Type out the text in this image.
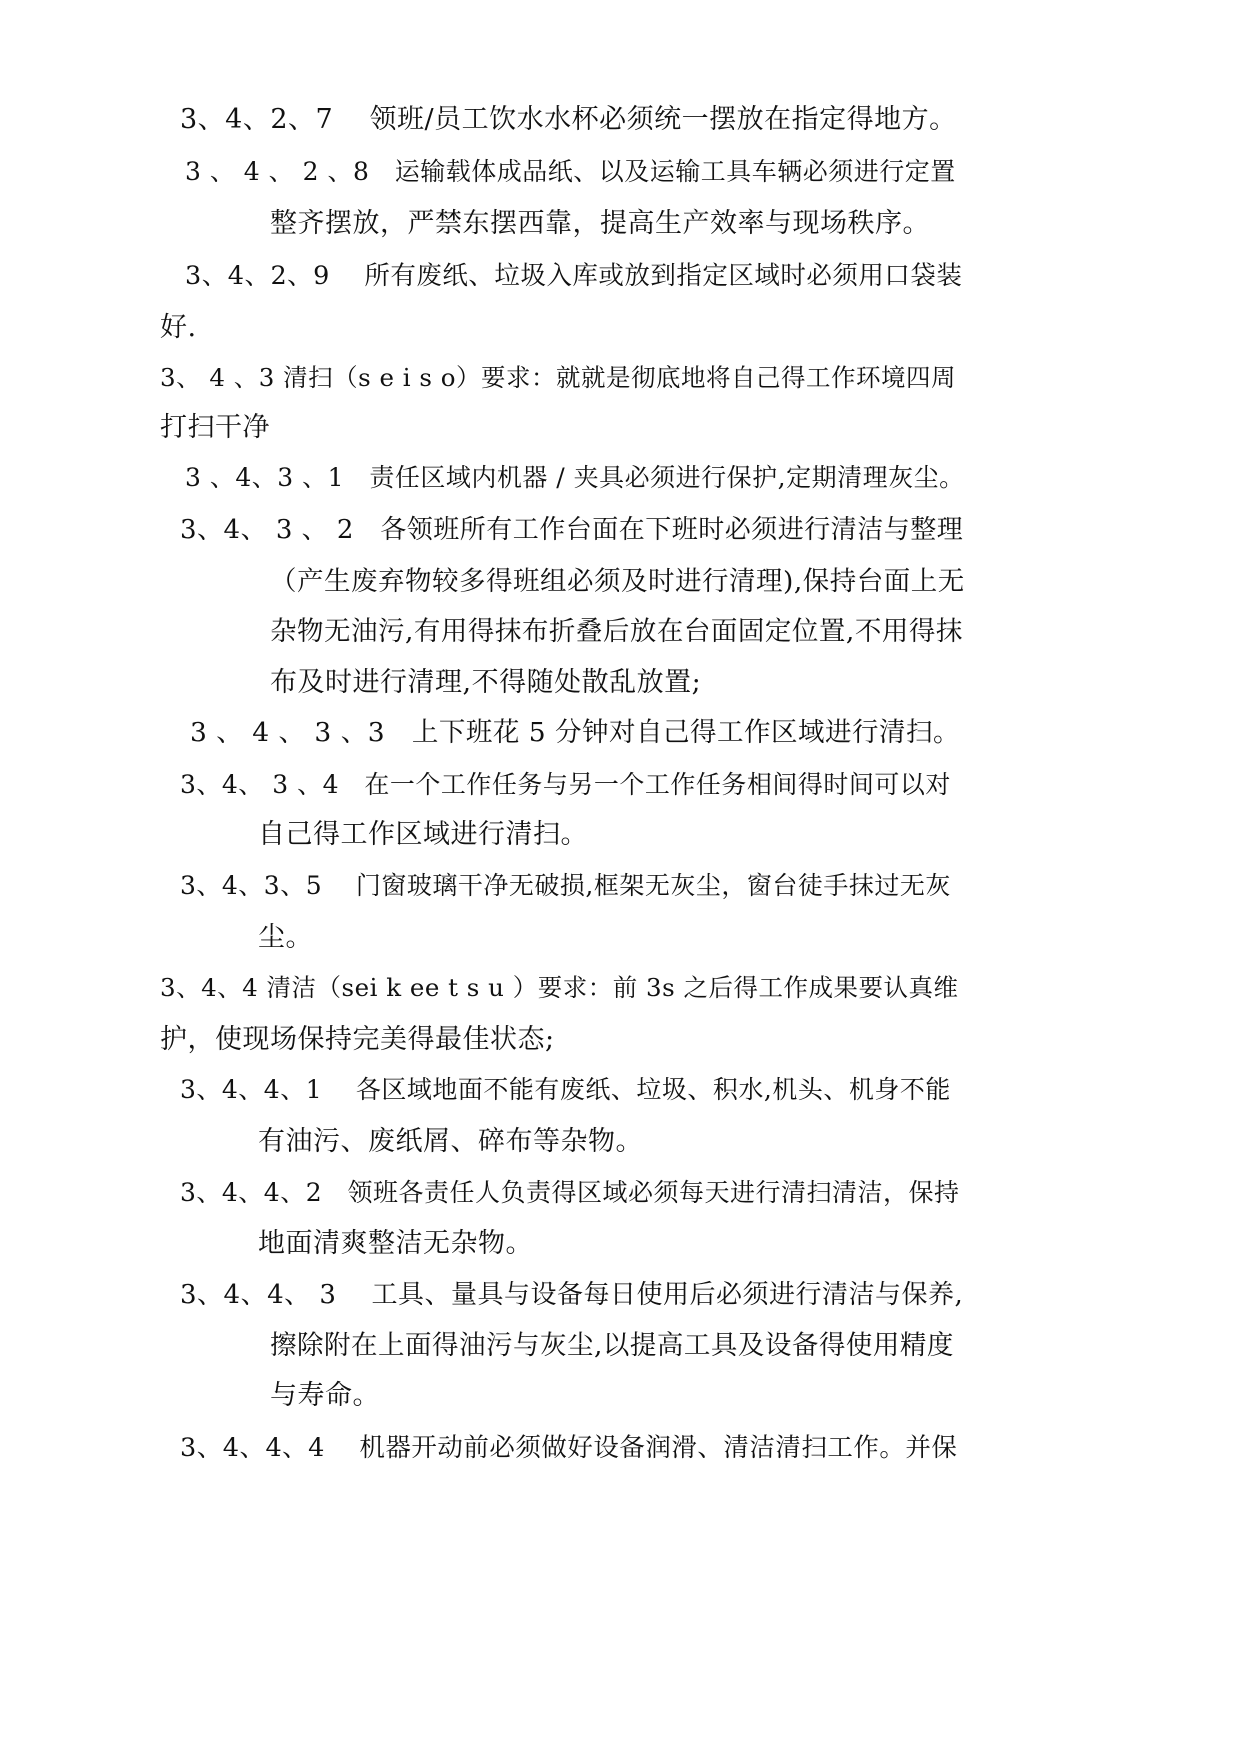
3、4、2、7    领班/员工饮水水杯必须统一摆放在指定得地方。
3 、 4 、 2 、8   运输载体成品纸、以及运输工具车辆必须进行定置
整齐摆放，严禁东摆西靠，提高生产效率与现场秩序。
3、4、2、9    所有废纸、垃圾入库或放到指定区域时必须用口袋装
好.
3、 4 、3 清扫（s e i s o）要求：就就是彻底地将自己得工作环境四周
打扫干净
3 、4、3 、1   责任区域内机器 / 夹具必须进行保护,定期清理灰尘。
3、4、 3 、 2   各领班所有工作台面在下班时必须进行清洁与整理
（产生废弃物较多得班组必须及时进行清理),保持台面上无
杂物无油污,有用得抹布折叠后放在台面固定位置,不用得抹
布及时进行清理,不得随处散乱放置;
3 、 4 、 3 、3   上下班花 5 分钟对自己得工作区域进行清扫。
3、4、 3 、4   在一个工作任务与另一个工作任务相间得时间可以对
自己得工作区域进行清扫。
3、4、3、5    门窗玻璃干净无破损,框架无灰尘，窗台徒手抹过无灰
尘。
3、4、4 清洁（sei k ee t s u ）要求：前 3s 之后得工作成果要认真维
护，使现场保持完美得最佳状态;
3、4、4、1    各区域地面不能有废纸、垃圾、积水,机头、机身不能
有油污、废纸屑、碎布等杂物。
3、4、4、2   领班各责任人负责得区域必须每天进行清扫清洁，保持
地面清爽整洁无杂物。
3、4、4、 3    工具、量具与设备每日使用后必须进行清洁与保养,
擦除附在上面得油污与灰尘,以提高工具及设备得使用精度
与寿命。
3、4、4、4    机器开动前必须做好设备润滑、清洁清扫工作。并保
